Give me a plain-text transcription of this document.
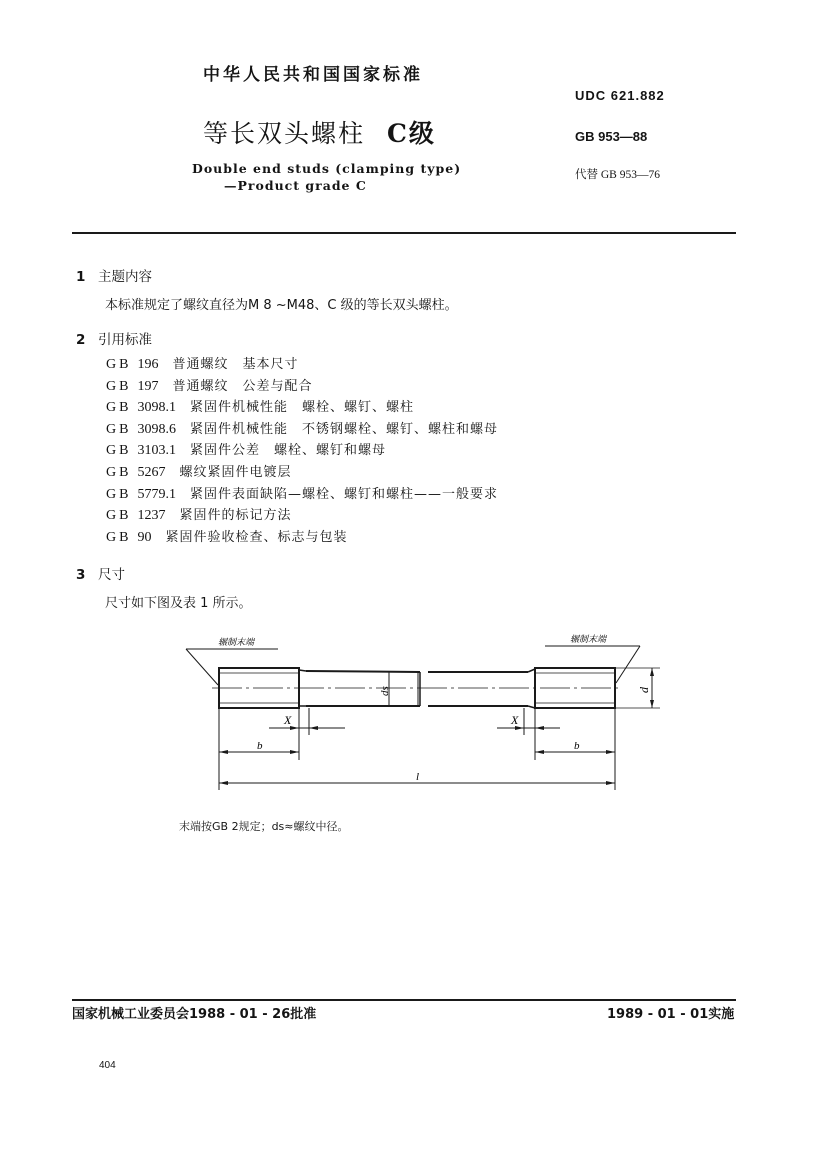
中华人民共和国国家标准
等长双头螺柱 C级
Double end studs (clamping type)
—Product grade C
UDC 621.882
GB 953—88
代替 GB 953—76
1 主题内容
本标准规定了螺纹直径为M 8 ~M48、C 级的等长双头螺柱。
2 引用标准
GB 196 普通螺纹　基本尺寸
GB 197 普通螺纹　公差与配合
GB 3098.1 紧固件机械性能　螺栓、螺钉、螺柱
GB 3098.6 紧固件机械性能　不锈钢螺栓、螺钉、螺柱和螺母
GB 3103.1 紧固件公差　螺栓、螺钉和螺母
GB 5267 螺纹紧固件电镀层
GB 5779.1 紧固件表面缺陷—螺栓、螺钉和螺柱——一般要求
GB 1237 紧固件的标记方法
GB 90 紧固件验收检查、标志与包装
3 尺寸
尺寸如下图及表 1 所示。
辗制末端	辗制末端
ds	d
X	X
b	b
l
末端按GB 2规定；ds≈螺纹中径。
国家机械工业委员会1988 - 01 - 26批准	1989 - 01 - 01实施
404
